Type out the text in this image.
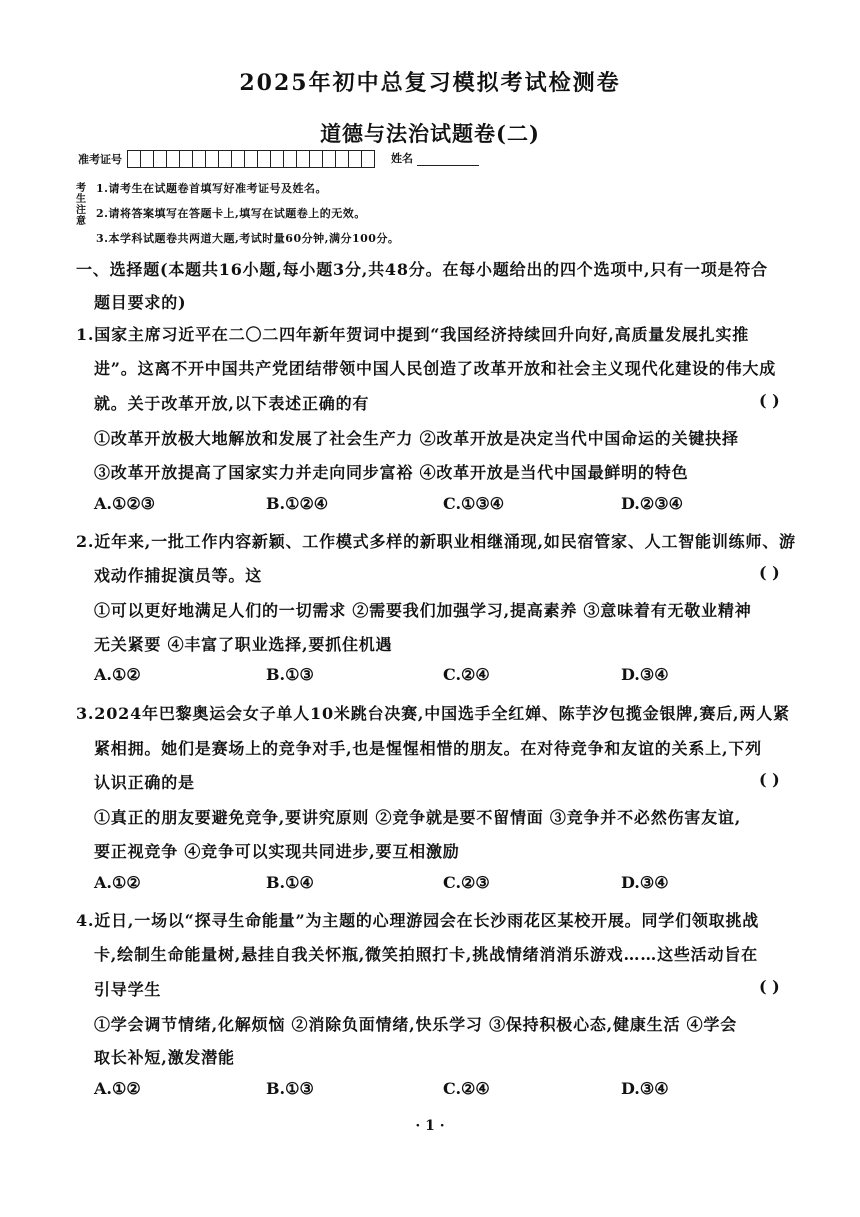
2025年初中总复习模拟考试检测卷
道德与法治试题卷(二)
准考证号	姓名
考生注意
1.请考生在试题卷首填写好准考证号及姓名。
2.请将答案填写在答题卡上,填写在试题卷上的无效。
3.本学科试题卷共两道大题,考试时量60分钟,满分100分。
一、选择题(本题共16小题,每小题3分,共48分。在每小题给出的四个选项中,只有一项是符合
题目要求的)
1.国家主席习近平在二〇二四年新年贺词中提到“我国经济持续回升向好,高质量发展扎实推
进”。这离不开中国共产党团结带领中国人民创造了改革开放和社会主义现代化建设的伟大成
就。关于改革开放,以下表述正确的有	( )
①改革开放极大地解放和发展了社会生产力 ②改革开放是决定当代中国命运的关键抉择
③改革开放提高了国家实力并走向同步富裕 ④改革开放是当代中国最鲜明的特色
A.①②③	B.①②④	C.①③④	D.②③④
2.近年来,一批工作内容新颖、工作模式多样的新职业相继涌现,如民宿管家、人工智能训练师、游
戏动作捕捉演员等。这	( )
①可以更好地满足人们的一切需求 ②需要我们加强学习,提高素养 ③意味着有无敬业精神
无关紧要 ④丰富了职业选择,要抓住机遇
A.①②	B.①③	C.②④	D.③④
3.2024年巴黎奥运会女子单人10米跳台决赛,中国选手全红婵、陈芋汐包揽金银牌,赛后,两人紧
紧相拥。她们是赛场上的竞争对手,也是惺惺相惜的朋友。在对待竞争和友谊的关系上,下列
认识正确的是	( )
①真正的朋友要避免竞争,要讲究原则 ②竞争就是要不留情面 ③竞争并不必然伤害友谊,
要正视竞争 ④竞争可以实现共同进步,要互相激励
A.①②	B.①④	C.②③	D.③④
4.近日,一场以“探寻生命能量”为主题的心理游园会在长沙雨花区某校开展。同学们领取挑战
卡,绘制生命能量树,悬挂自我关怀瓶,微笑拍照打卡,挑战情绪消消乐游戏……这些活动旨在
引导学生	( )
①学会调节情绪,化解烦恼 ②消除负面情绪,快乐学习 ③保持积极心态,健康生活 ④学会
取长补短,激发潜能
A.①②	B.①③	C.②④	D.③④
· 1 ·
